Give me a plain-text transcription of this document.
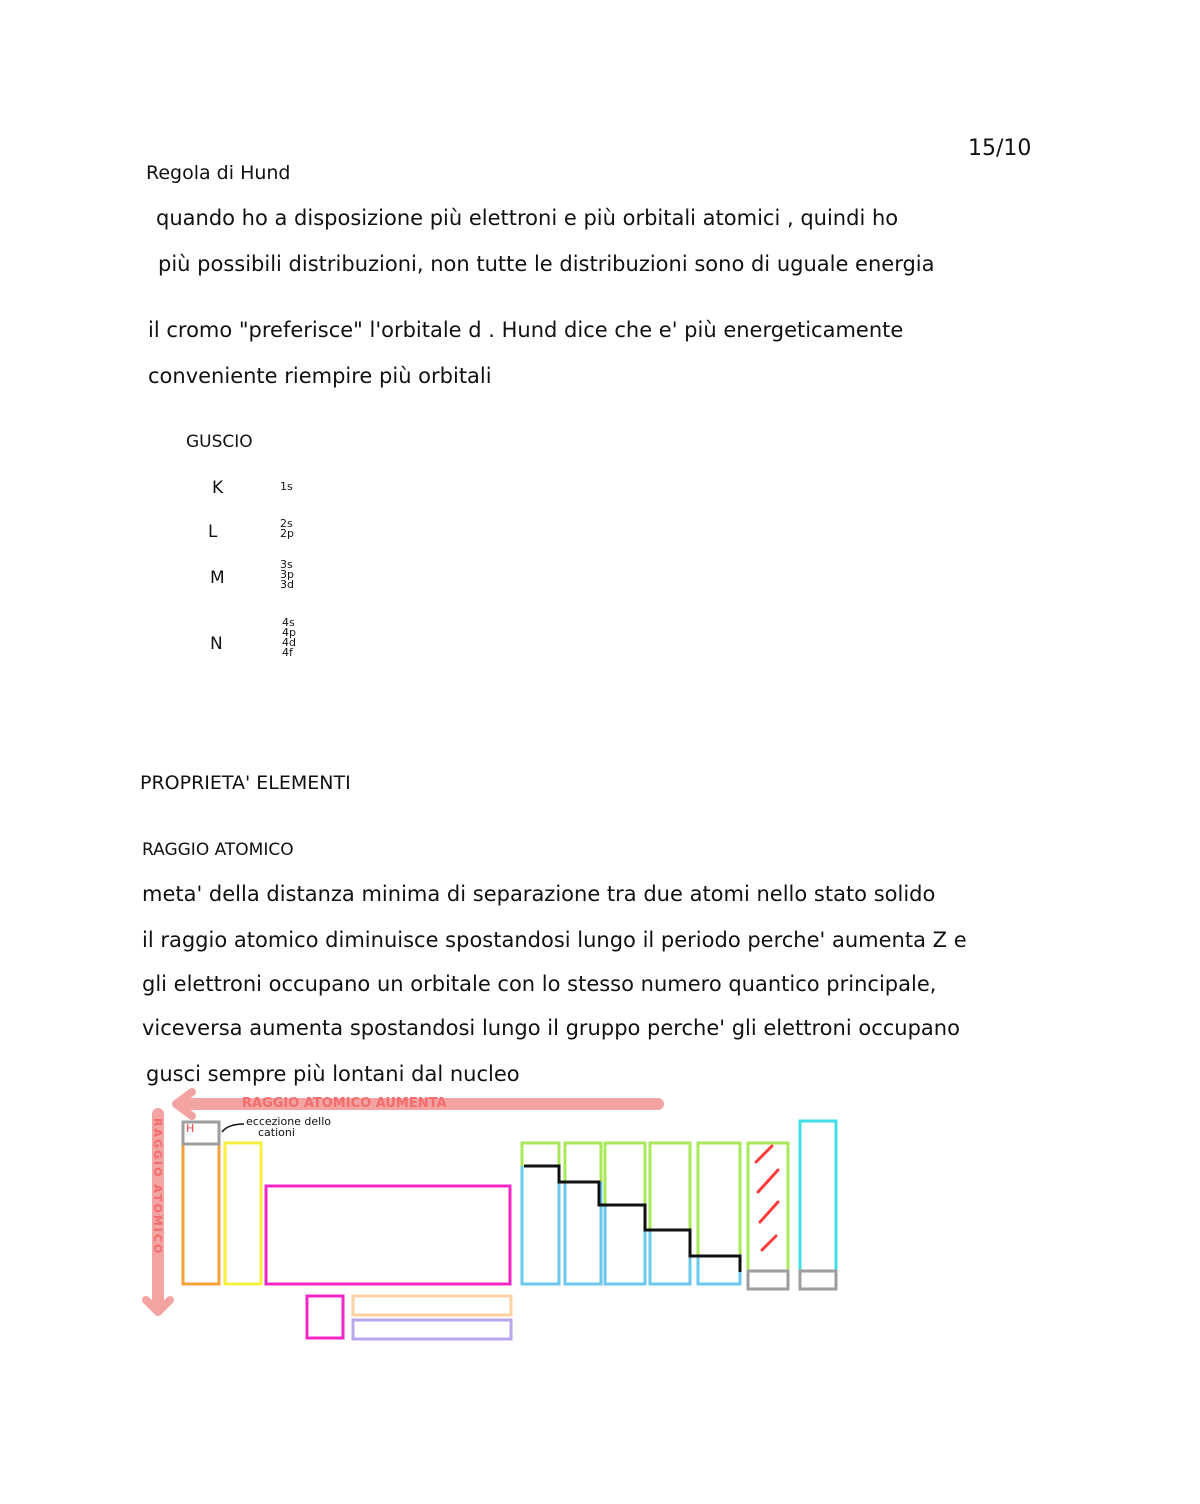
15/10
Regola di Hund
quando ho a disposizione più elettroni e più orbitali atomici , quindi ho
più possibili distribuzioni, non tutte le distribuzioni sono di uguale energia
il cromo "preferisce" l'orbitale d . Hund dice che e' più energeticamente
conveniente riempire più orbitali
GUSCIO
K	1s
L	2s
2p
M
3s
3p
3d
N
4s
4p
4d
4f
PROPRIETA' ELEMENTI
RAGGIO ATOMICO
meta' della distanza minima di separazione tra due atomi nello stato solido
il raggio atomico diminuisce spostandosi lungo il periodo perche' aumenta Z e
gli elettroni occupano un orbitale con lo stesso numero quantico principale,
viceversa aumenta spostandosi lungo il gruppo perche' gli elettroni occupano
gusci sempre più lontani dal nucleo
RAGGIO ATOMICO AUMENTA
RAGGIO ATOMICO H
eccezione dello
cationi
